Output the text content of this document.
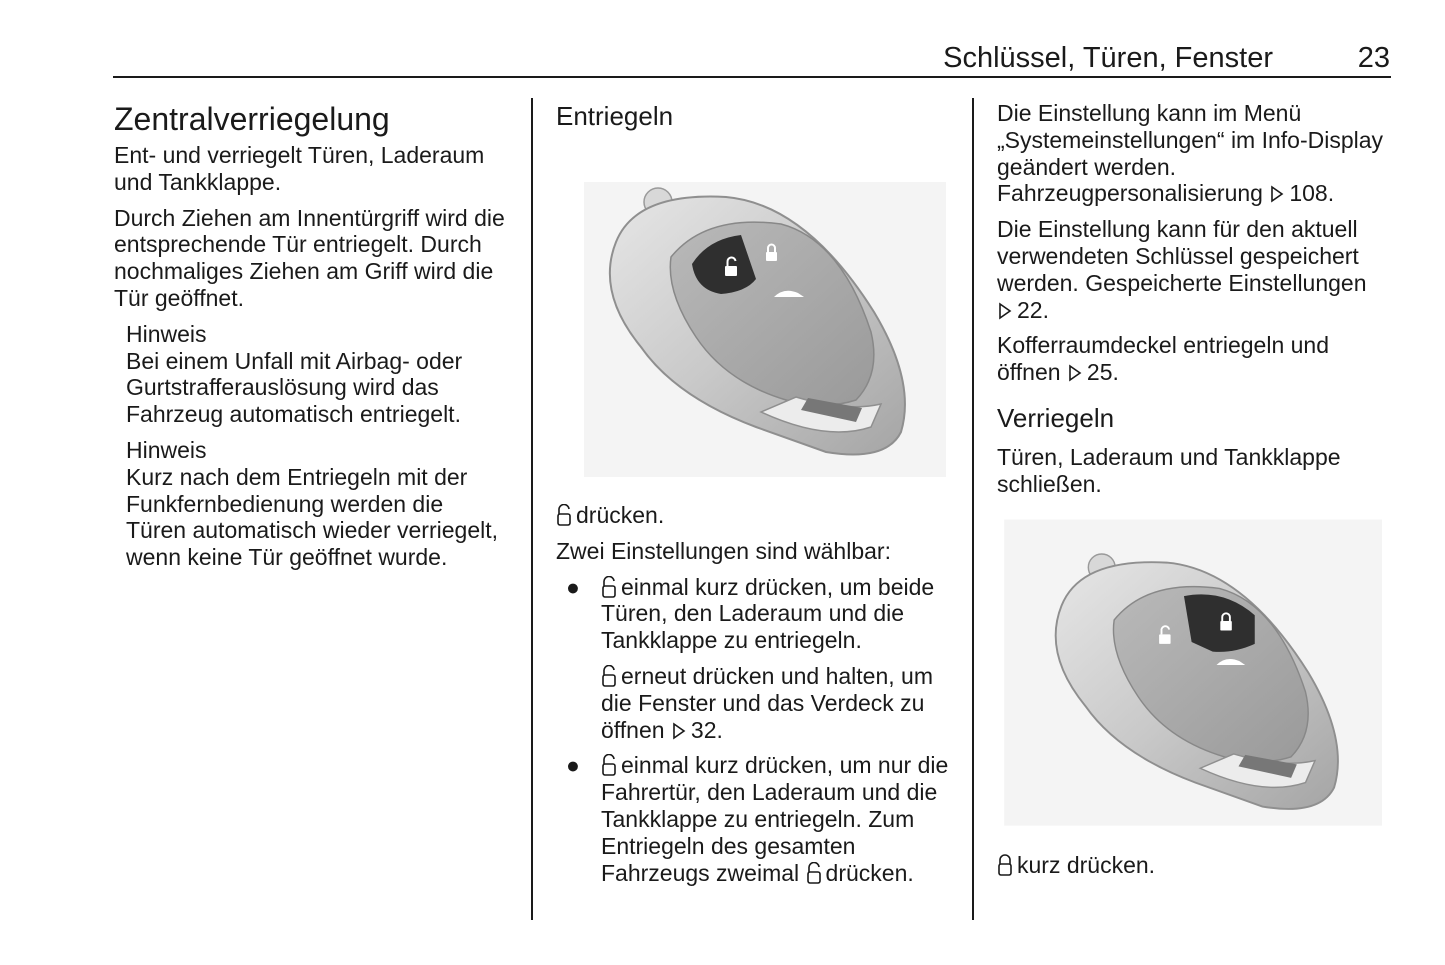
Schlüssel, Türen, Fenster	23
Zentralverriegelung

Ent- und verriegelt Türen, Laderaum und Tankklappe.

Durch Ziehen am Innentürgriff wird die entsprechende Tür entriegelt. Durch nochmaliges Ziehen am Griff wird die Tür geöffnet.

Hinweis
Bei einem Unfall mit Airbag- oder Gurtstrafferauslösung wird das Fahrzeug automatisch entriegelt.
Hinweis
Kurz nach dem Entriegeln mit der Funkfernbedienung werden die Türen automatisch wieder verriegelt, wenn keine Tür geöffnet wurde.
Entriegeln

drücken.

Zwei Einstellungen sind wählbar:

●	einmal kurz drücken, um beide Türen, den Laderaum und die Tankklappe zu entriegeln.

erneut drücken und halten, um die Fenster und das Verdeck zu öffnen 32.

●	einmal kurz drücken, um nur die Fahrertür, den Laderaum und die Tankklappe zu entriegeln. Zum Entriegeln des gesamten Fahrzeugs zweimal drücken.

Die Einstellung kann im Menü „Systemeinstellungen“ im Info-Display geändert werden. Fahrzeugpersonalisierung 108.

Die Einstellung kann für den aktuell verwendeten Schlüssel gespeichert werden. Gespeicherte Einstellungen 22.

Kofferraumdeckel entriegeln und öffnen 25.

Verriegeln

Türen, Laderaum und Tankklappe schließen.

kurz drücken.
